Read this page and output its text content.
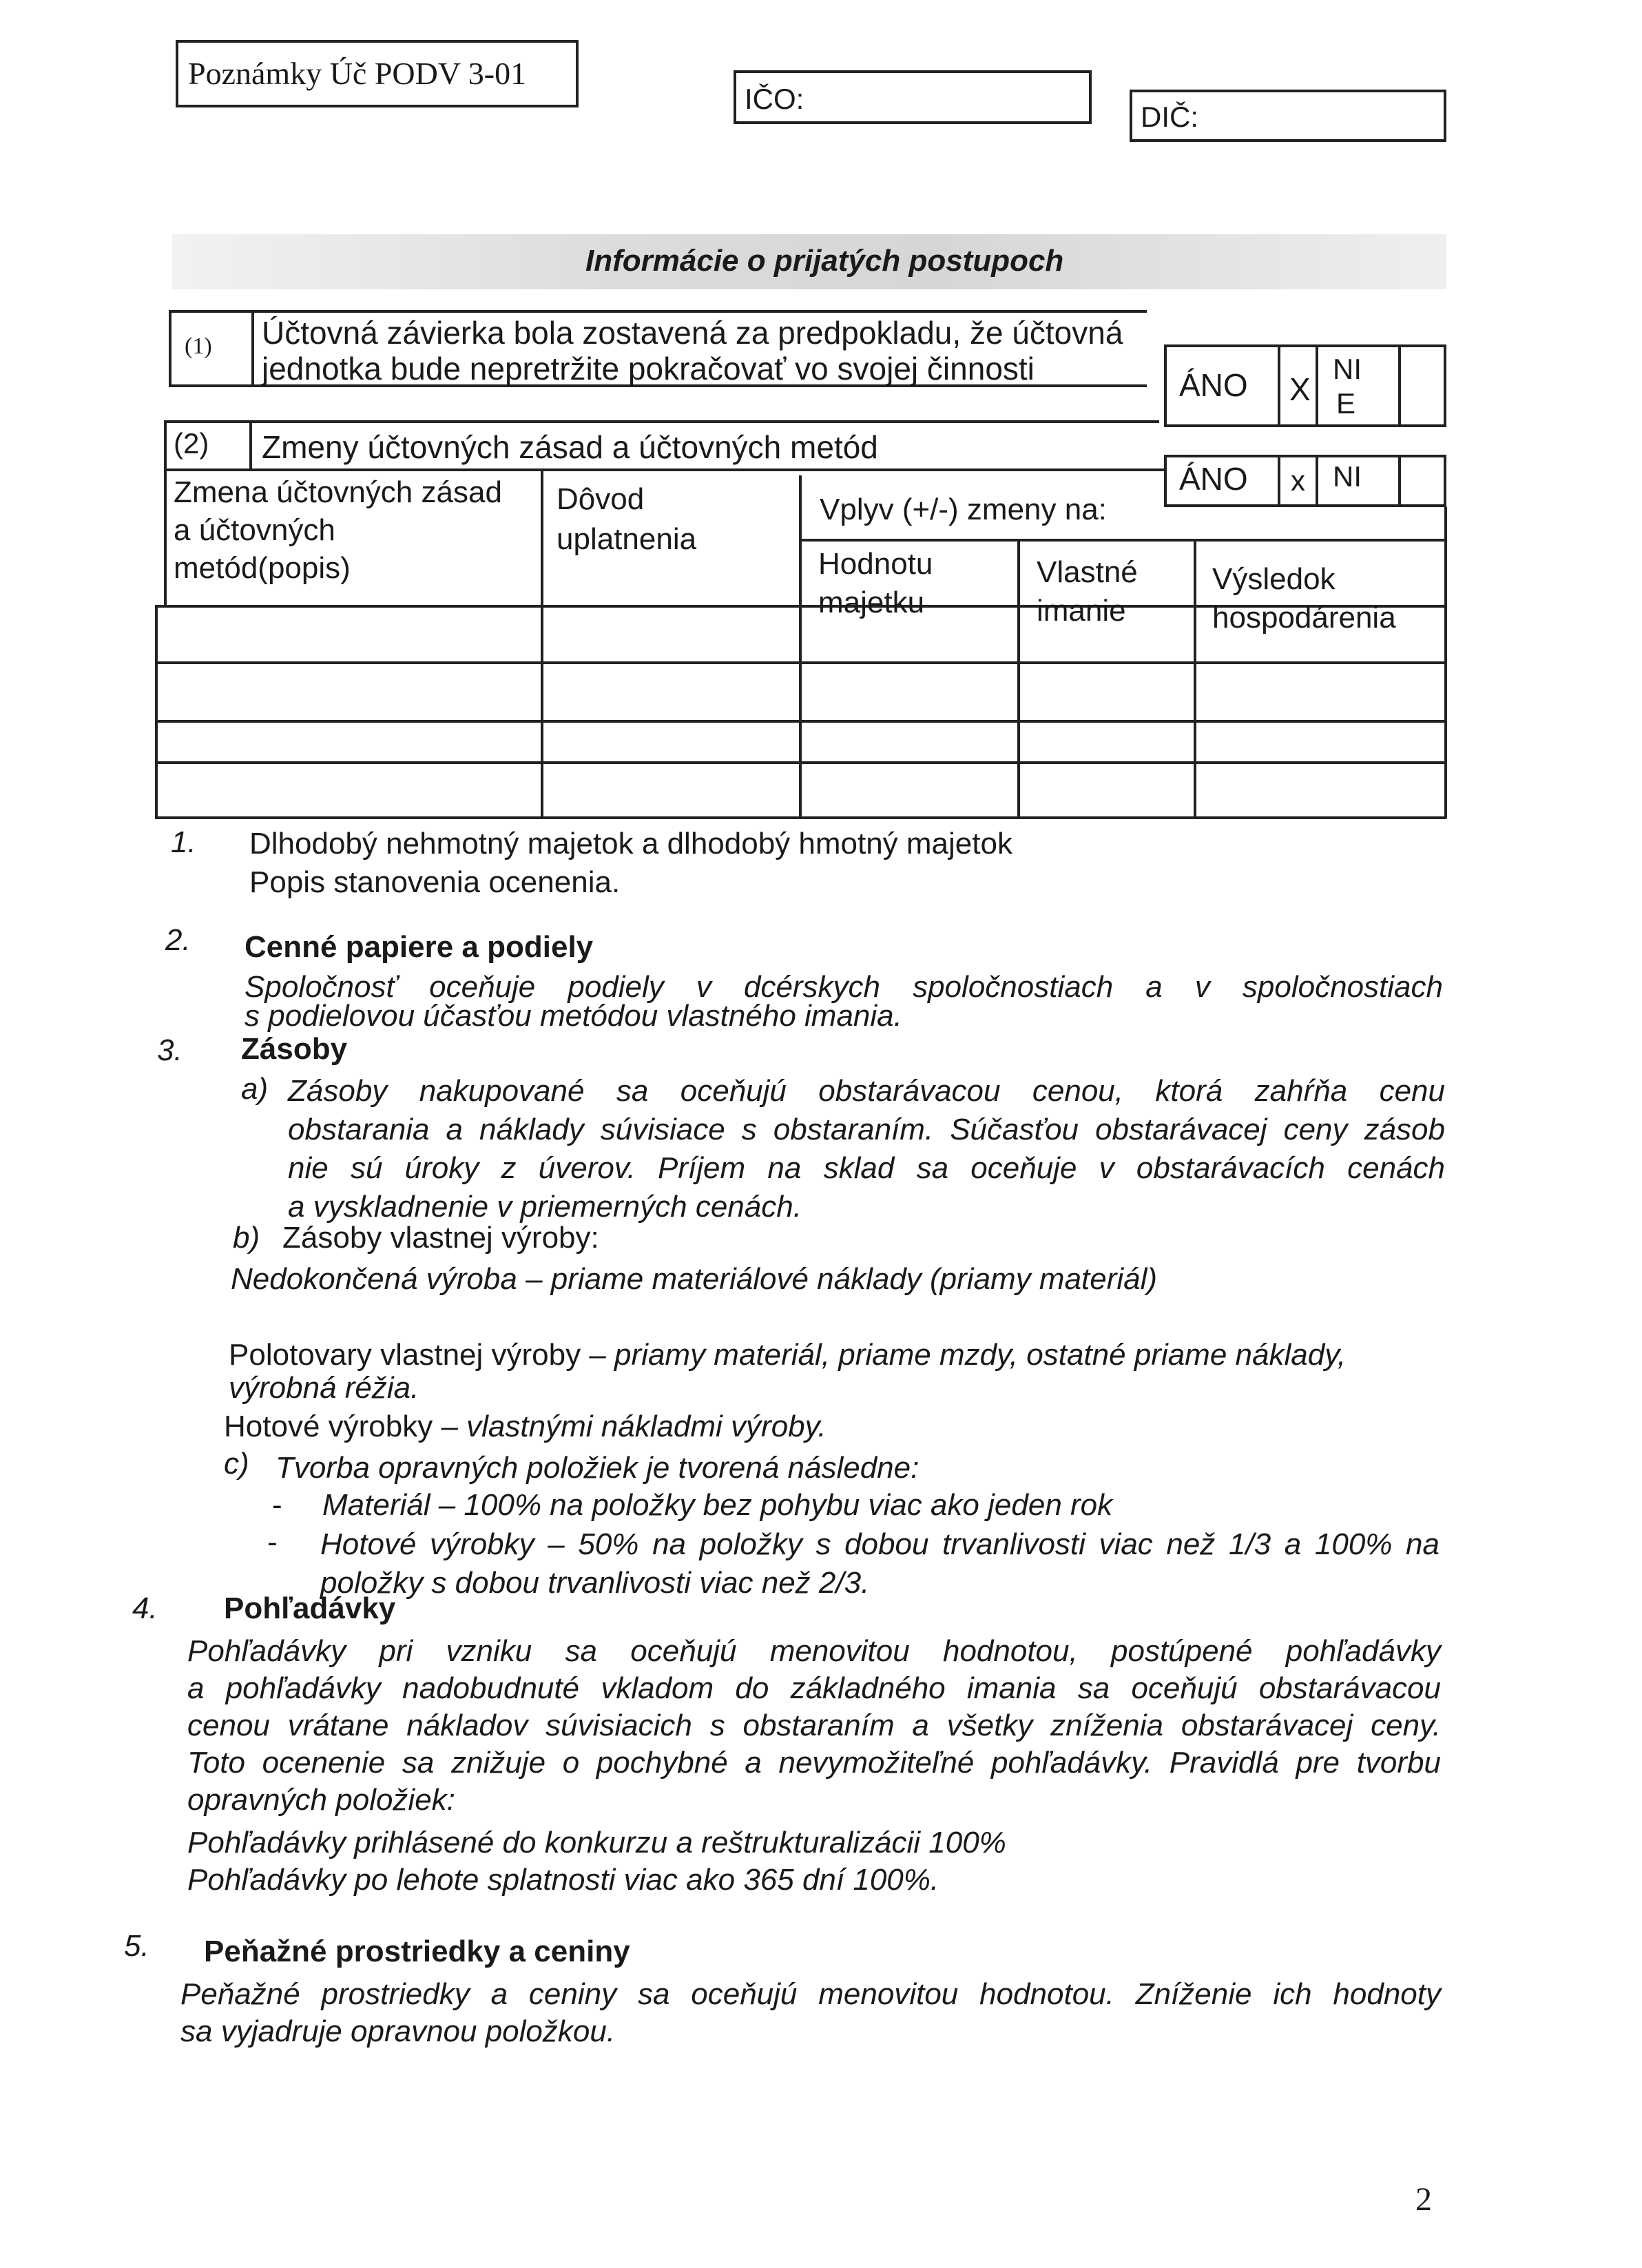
Poznámky Úč PODV 3-01
IČO:
DIČ:
Informácie o prijatých postupoch
(1) Účtovná závierka bola zostavená za predpokladu, že účtovná
jednotka bude nepretržite pokračovať vo svojej činnosti	ÁNO X
NI
E
(2) Zmeny účtovných zásad a účtovných metód
ÁNO x NI
Zmena účtovných zásad
a účtovných
metód(popis)
Dôvod
uplatnenia
Vplyv (+/-) zmeny na:
Hodnotu
majetku
Vlastné
imanie
Výsledok
hospodárenia
1. Dlhodobý nehmotný majetok a dlhodobý hmotný majetok
Popis stanovenia ocenenia.
2. Cenné papiere a podiely
Spoločnosť oceňuje podiely v dcérskych spoločnostiach a v spoločnostiach
s podielovou účasťou metódou vlastného imania.
3. Zásoby
a) Zásoby nakupované sa oceňujú obstarávacou cenou, ktorá zahŕňa cenu
obstarania a náklady súvisiace s obstaraním. Súčasťou obstarávacej ceny zásob
nie sú úroky z úverov. Príjem na sklad sa oceňuje v obstarávacích cenách
a vyskladnenie v priemerných cenách.
b) Zásoby vlastnej výroby:
Nedokončená výroba – priame materiálové náklady (priamy materiál)
Polotovary vlastnej výroby – priamy materiál, priame mzdy, ostatné priame náklady,
výrobná réžia.
Hotové výrobky – vlastnými nákladmi výroby.
c) Tvorba opravných položiek je tvorená následne:
- Materiál – 100% na položky bez pohybu viac ako jeden rok
- Hotové výrobky – 50% na položky s dobou trvanlivosti viac než 1/3 a 100% na
položky s dobou trvanlivosti viac než 2/3.
4. Pohľadávky
Pohľadávky pri vzniku sa oceňujú menovitou hodnotou, postúpené pohľadávky
a pohľadávky nadobudnuté vkladom do základného imania sa oceňujú obstarávacou
cenou vrátane nákladov súvisiacich s obstaraním a všetky zníženia obstarávacej ceny.
Toto ocenenie sa znižuje o pochybné a nevymožiteľné pohľadávky. Pravidlá pre tvorbu
opravných položiek:
Pohľadávky prihlásené do konkurzu a reštrukturalizácii 100%
Pohľadávky po lehote splatnosti viac ako 365 dní 100%.
5. Peňažné prostriedky a ceniny
Peňažné prostriedky a ceniny sa oceňujú menovitou hodnotou. Zníženie ich hodnoty
sa vyjadruje opravnou položkou.
2
